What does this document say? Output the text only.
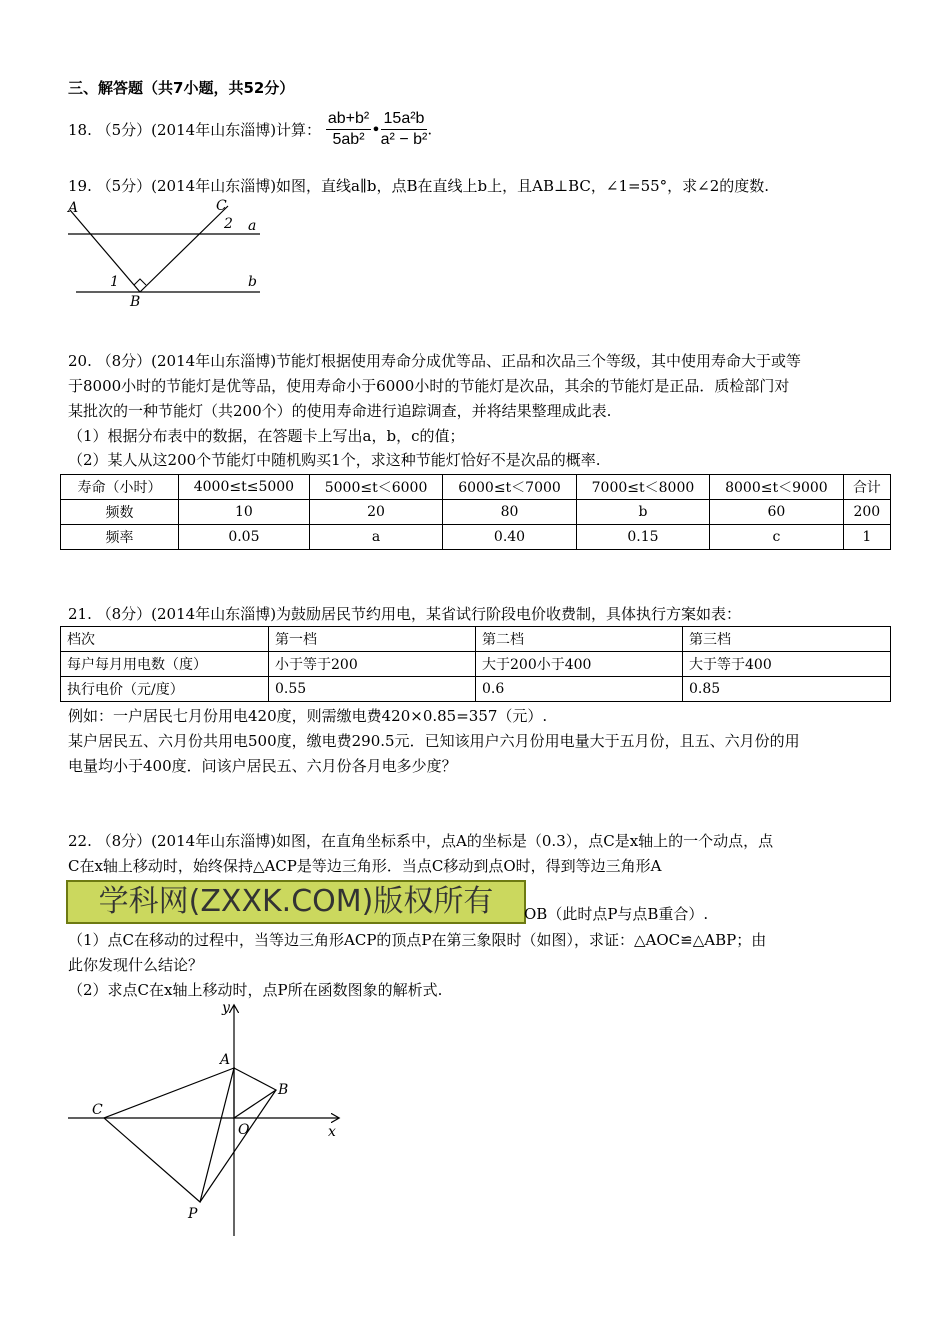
三、解答题（共7小题，共52分）
18. （5分）(2014年山东淄博)计算： $\frac{\text{ab+b²}}{\text{5ab²}}$ • $\frac{\text{15a²b}}{\text{a² − b²}}$ .
19. （5分）(2014年山东淄博)如图，直线a∥b，点B在直线上b上，且AB⊥BC，∠1=55°，求∠2的度数.
A	C
2 a
1
B
b
20. （8分）(2014年山东淄博)节能灯根据使用寿命分成优等品、正品和次品三个等级，其中使用寿命大于或等
于8000小时的节能灯是优等品，使用寿命小于6000小时的节能灯是次品，其余的节能灯是正品．质检部门对
某批次的一种节能灯（共200个）的使用寿命进行追踪调查，并将结果整理成此表.
（1）根据分布表中的数据，在答题卡上写出a，b，c的值；
（2）某人从这200个节能灯中随机购买1个，求这种节能灯恰好不是次品的概率.
寿命（小时）	4000≤t≤5000	5000≤t＜6000	6000≤t＜7000	7000≤t＜8000	8000≤t＜9000	合计
频数	10	20	80	b	60	200
频率	0.05	a	0.40	0.15	c	1
21. （8分）(2014年山东淄博)为鼓励居民节约用电，某省试行阶段电价收费制，具体执行方案如表：
档次	第一档	第二档	第三档
每户每月用电数（度）	小于等于200	大于200小于400	大于等于400
执行电价（元/度）	0.55	0.6	0.85
例如：一户居民七月份用电420度，则需缴电费420×0.85=357（元）.
某户居民五、六月份共用电500度，缴电费290.5元．已知该用户六月份用电量大于五月份，且五、六月份的用
电量均小于400度．问该户居民五、六月份各月电多少度？
22. （8分）(2014年山东淄博)如图，在直角坐标系中，点A的坐标是（0.3），点C是x轴上的一个动点，点
C在x轴上移动时，始终保持△ACP是等边三角形．当点C移动到点O时，得到等边三角形A
学科网(ZXXK.COM)版权所有	OB（此时点P与点B重合）.
（1）点C在移动的过程中，当等边三角形ACP的顶点P在第三象限时（如图），求证：△AOC≌△ABP；由
此你发现什么结论？
（2）求点C在x轴上移动时，点P所在函数图象的解析式.
y
x
A
B
C
O
P
